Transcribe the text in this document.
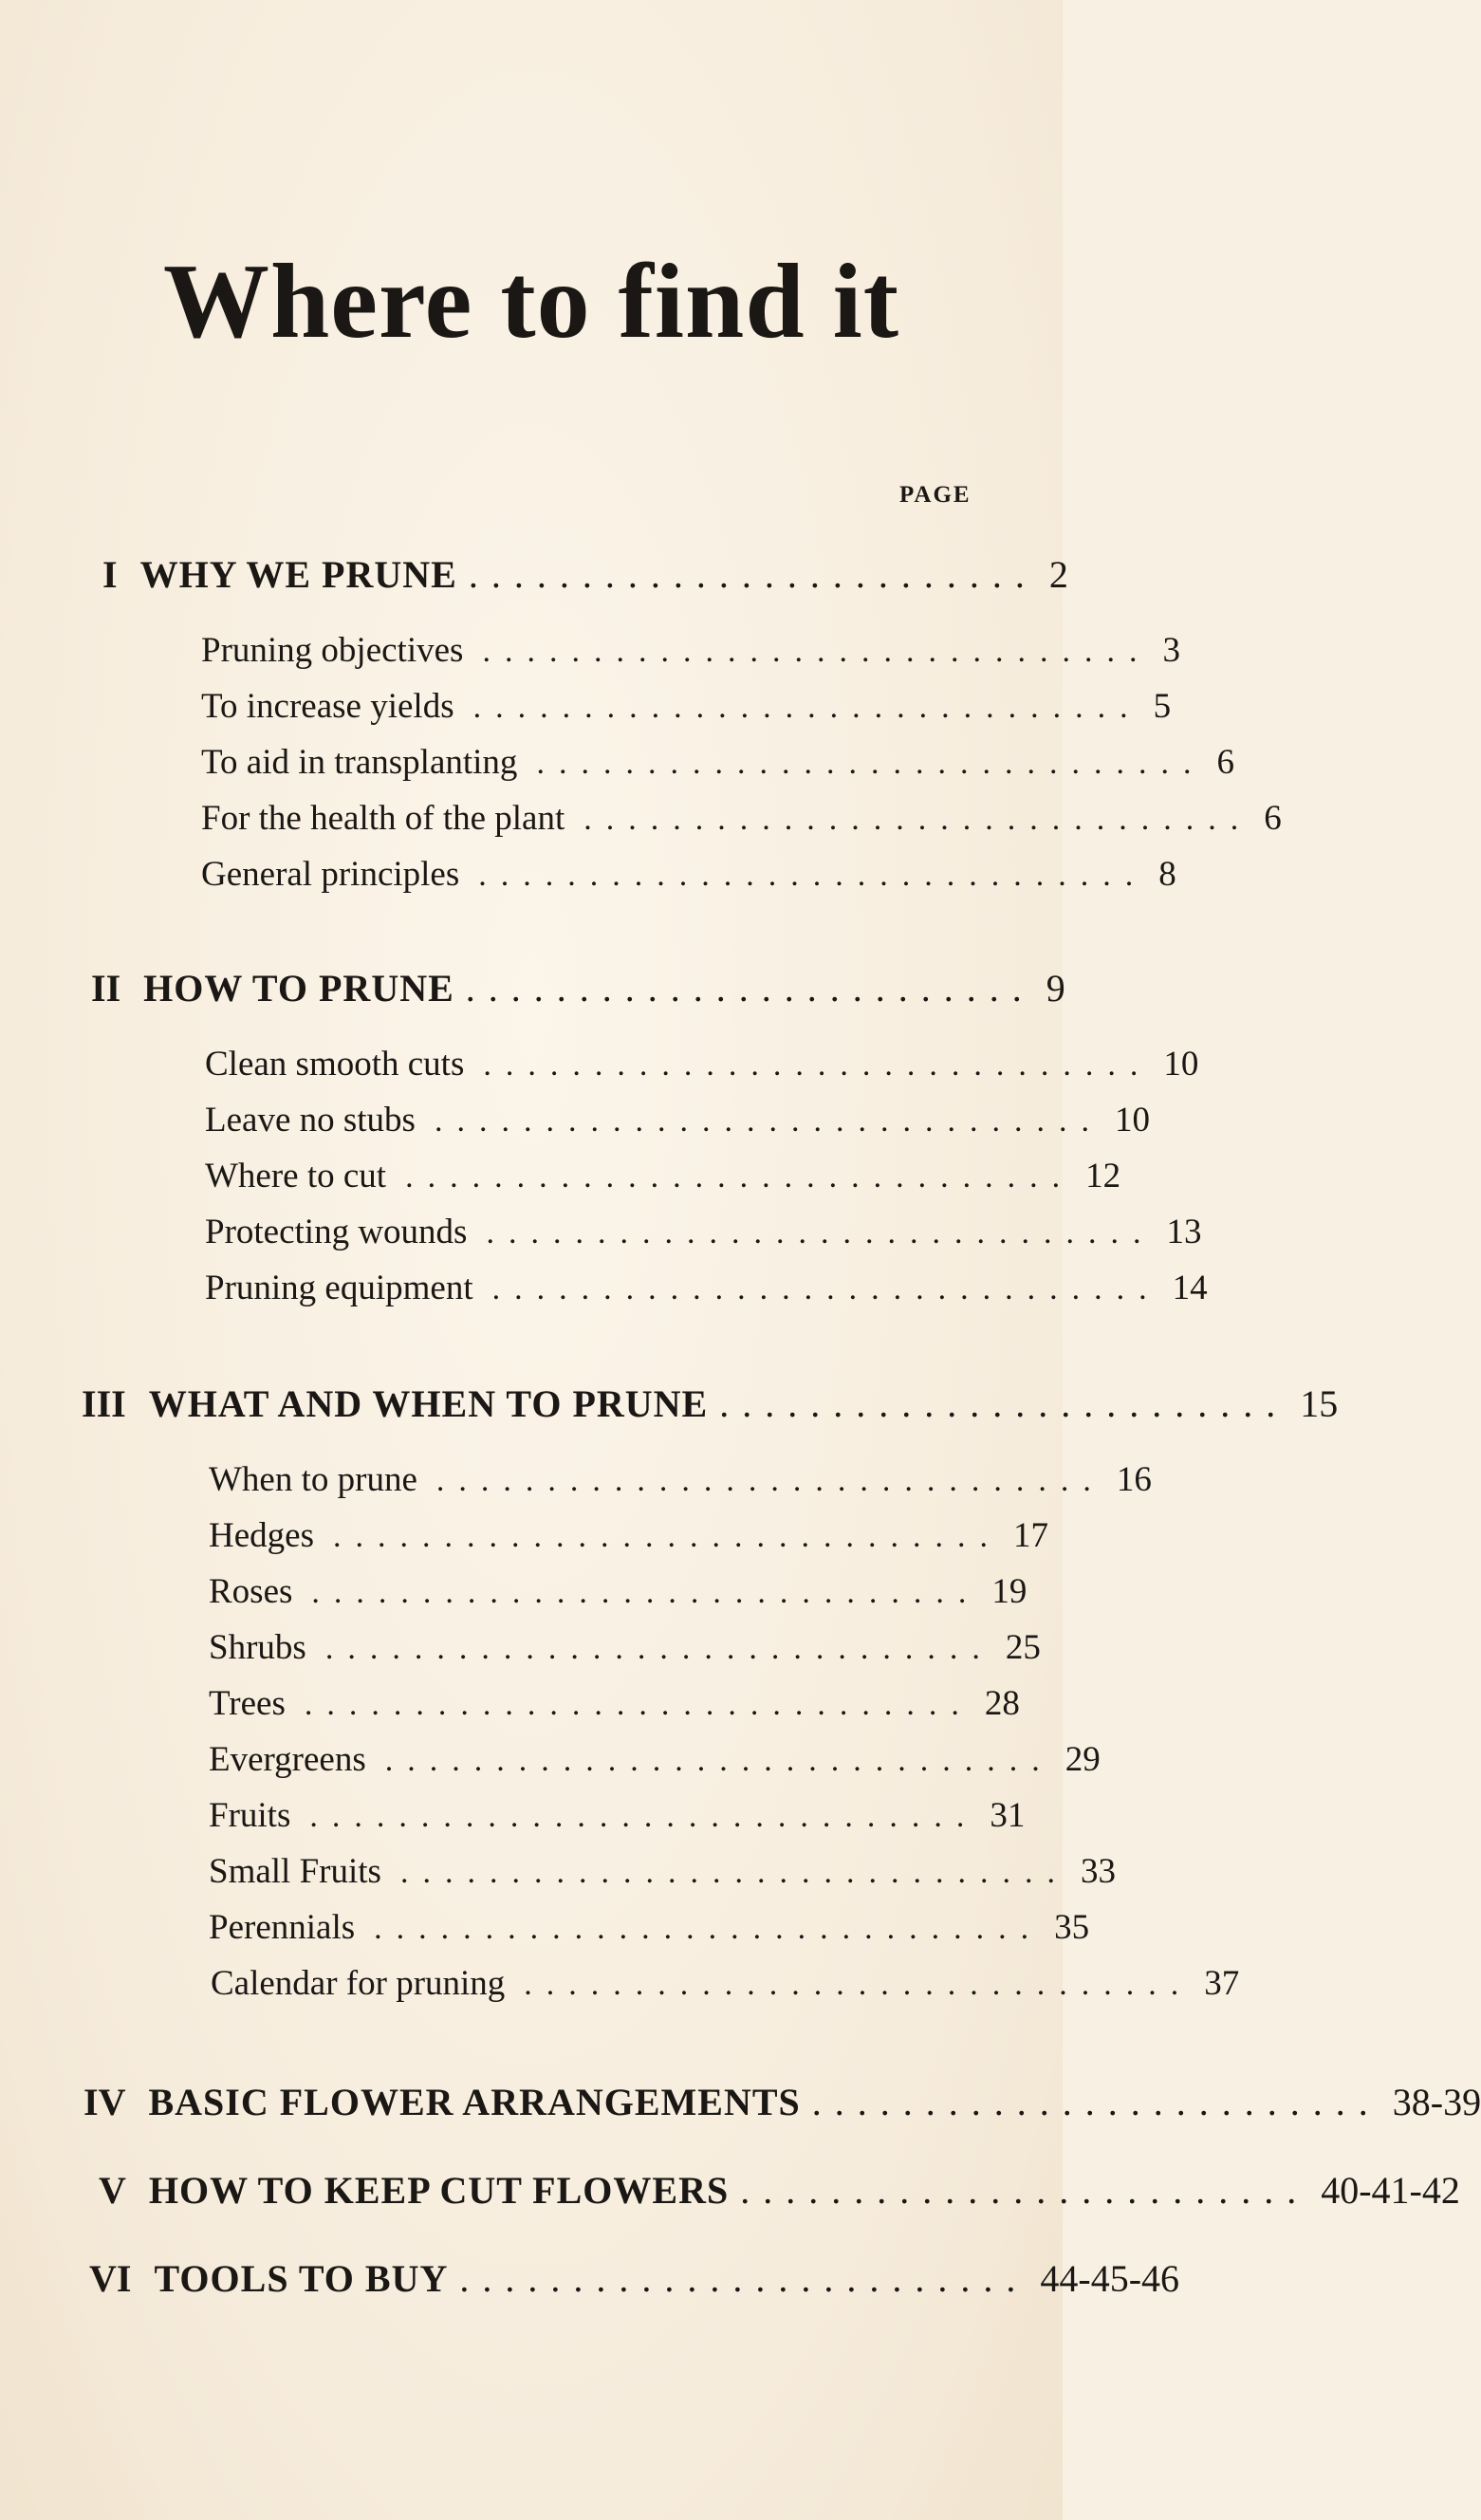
Where to find it
PAGE
I WHY WE PRUNE ......................... 2
Pruning objectives .............................. 3
To increase yields .............................. 5
To aid in transplanting .............................. 6
For the health of the plant .............................. 6
General principles .............................. 8
II HOW TO PRUNE ......................... 9
Clean smooth cuts .............................. 10
Leave no stubs .............................. 10
Where to cut .............................. 12
Protecting wounds .............................. 13
Pruning equipment .............................. 14
III WHAT AND WHEN TO PRUNE ......................... 15
When to prune .............................. 16
Hedges .............................. 17
Roses .............................. 19
Shrubs .............................. 25
Trees .............................. 28
Evergreens .............................. 29
Fruits .............................. 31
Small Fruits .............................. 33
Perennials .............................. 35
Calendar for pruning .............................. 37
IV BASIC FLOWER ARRANGEMENTS ......................... 38-39
V HOW TO KEEP CUT FLOWERS ......................... 40-41-42
VI TOOLS TO BUY ......................... 44-45-46
